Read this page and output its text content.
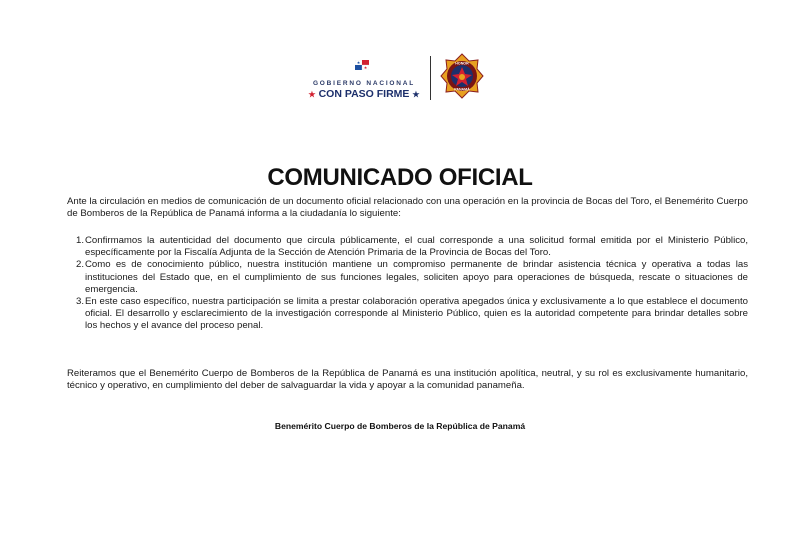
★
★
GOBIERNO NACIONAL
★ CON PASO FIRME ★
HONOR
PANAMÁ
COMUNICADO OFICIAL

Ante la circulación en medios de comunicación de un documento oficial relacionado con una operación en la provincia de Bocas del Toro, el Benemérito Cuerpo de Bomberos de la República de Panamá informa a la ciudadanía lo siguiente:

1. Confirmamos la autenticidad del documento que circula públicamente, el cual corresponde a una solicitud formal emitida por el Ministerio Público, específicamente por la Fiscalía Adjunta de la Sección de Atención Primaria de la Provincia de Bocas del Toro.
2. Como es de conocimiento público, nuestra institución mantiene un compromiso permanente de brindar asistencia técnica y operativa a todas las instituciones del Estado que, en el cumplimiento de sus funciones legales, soliciten apoyo para operaciones de búsqueda, rescate o situaciones de emergencia.
3. En este caso específico, nuestra participación se limita a prestar colaboración operativa apegados única y exclusivamente a lo que establece el documento oficial. El desarrollo y esclarecimiento de la investigación corresponde al Ministerio Público, quien es la autoridad competente para brindar detalles sobre los hechos y el avance del proceso penal.

Reiteramos que el Benemérito Cuerpo de Bomberos de la República de Panamá es una institución apolítica, neutral, y su rol es exclusivamente humanitario, técnico y operativo, en cumplimiento del deber de salvaguardar la vida y apoyar a la comunidad panameña.

Benemérito Cuerpo de Bomberos de la República de Panamá
